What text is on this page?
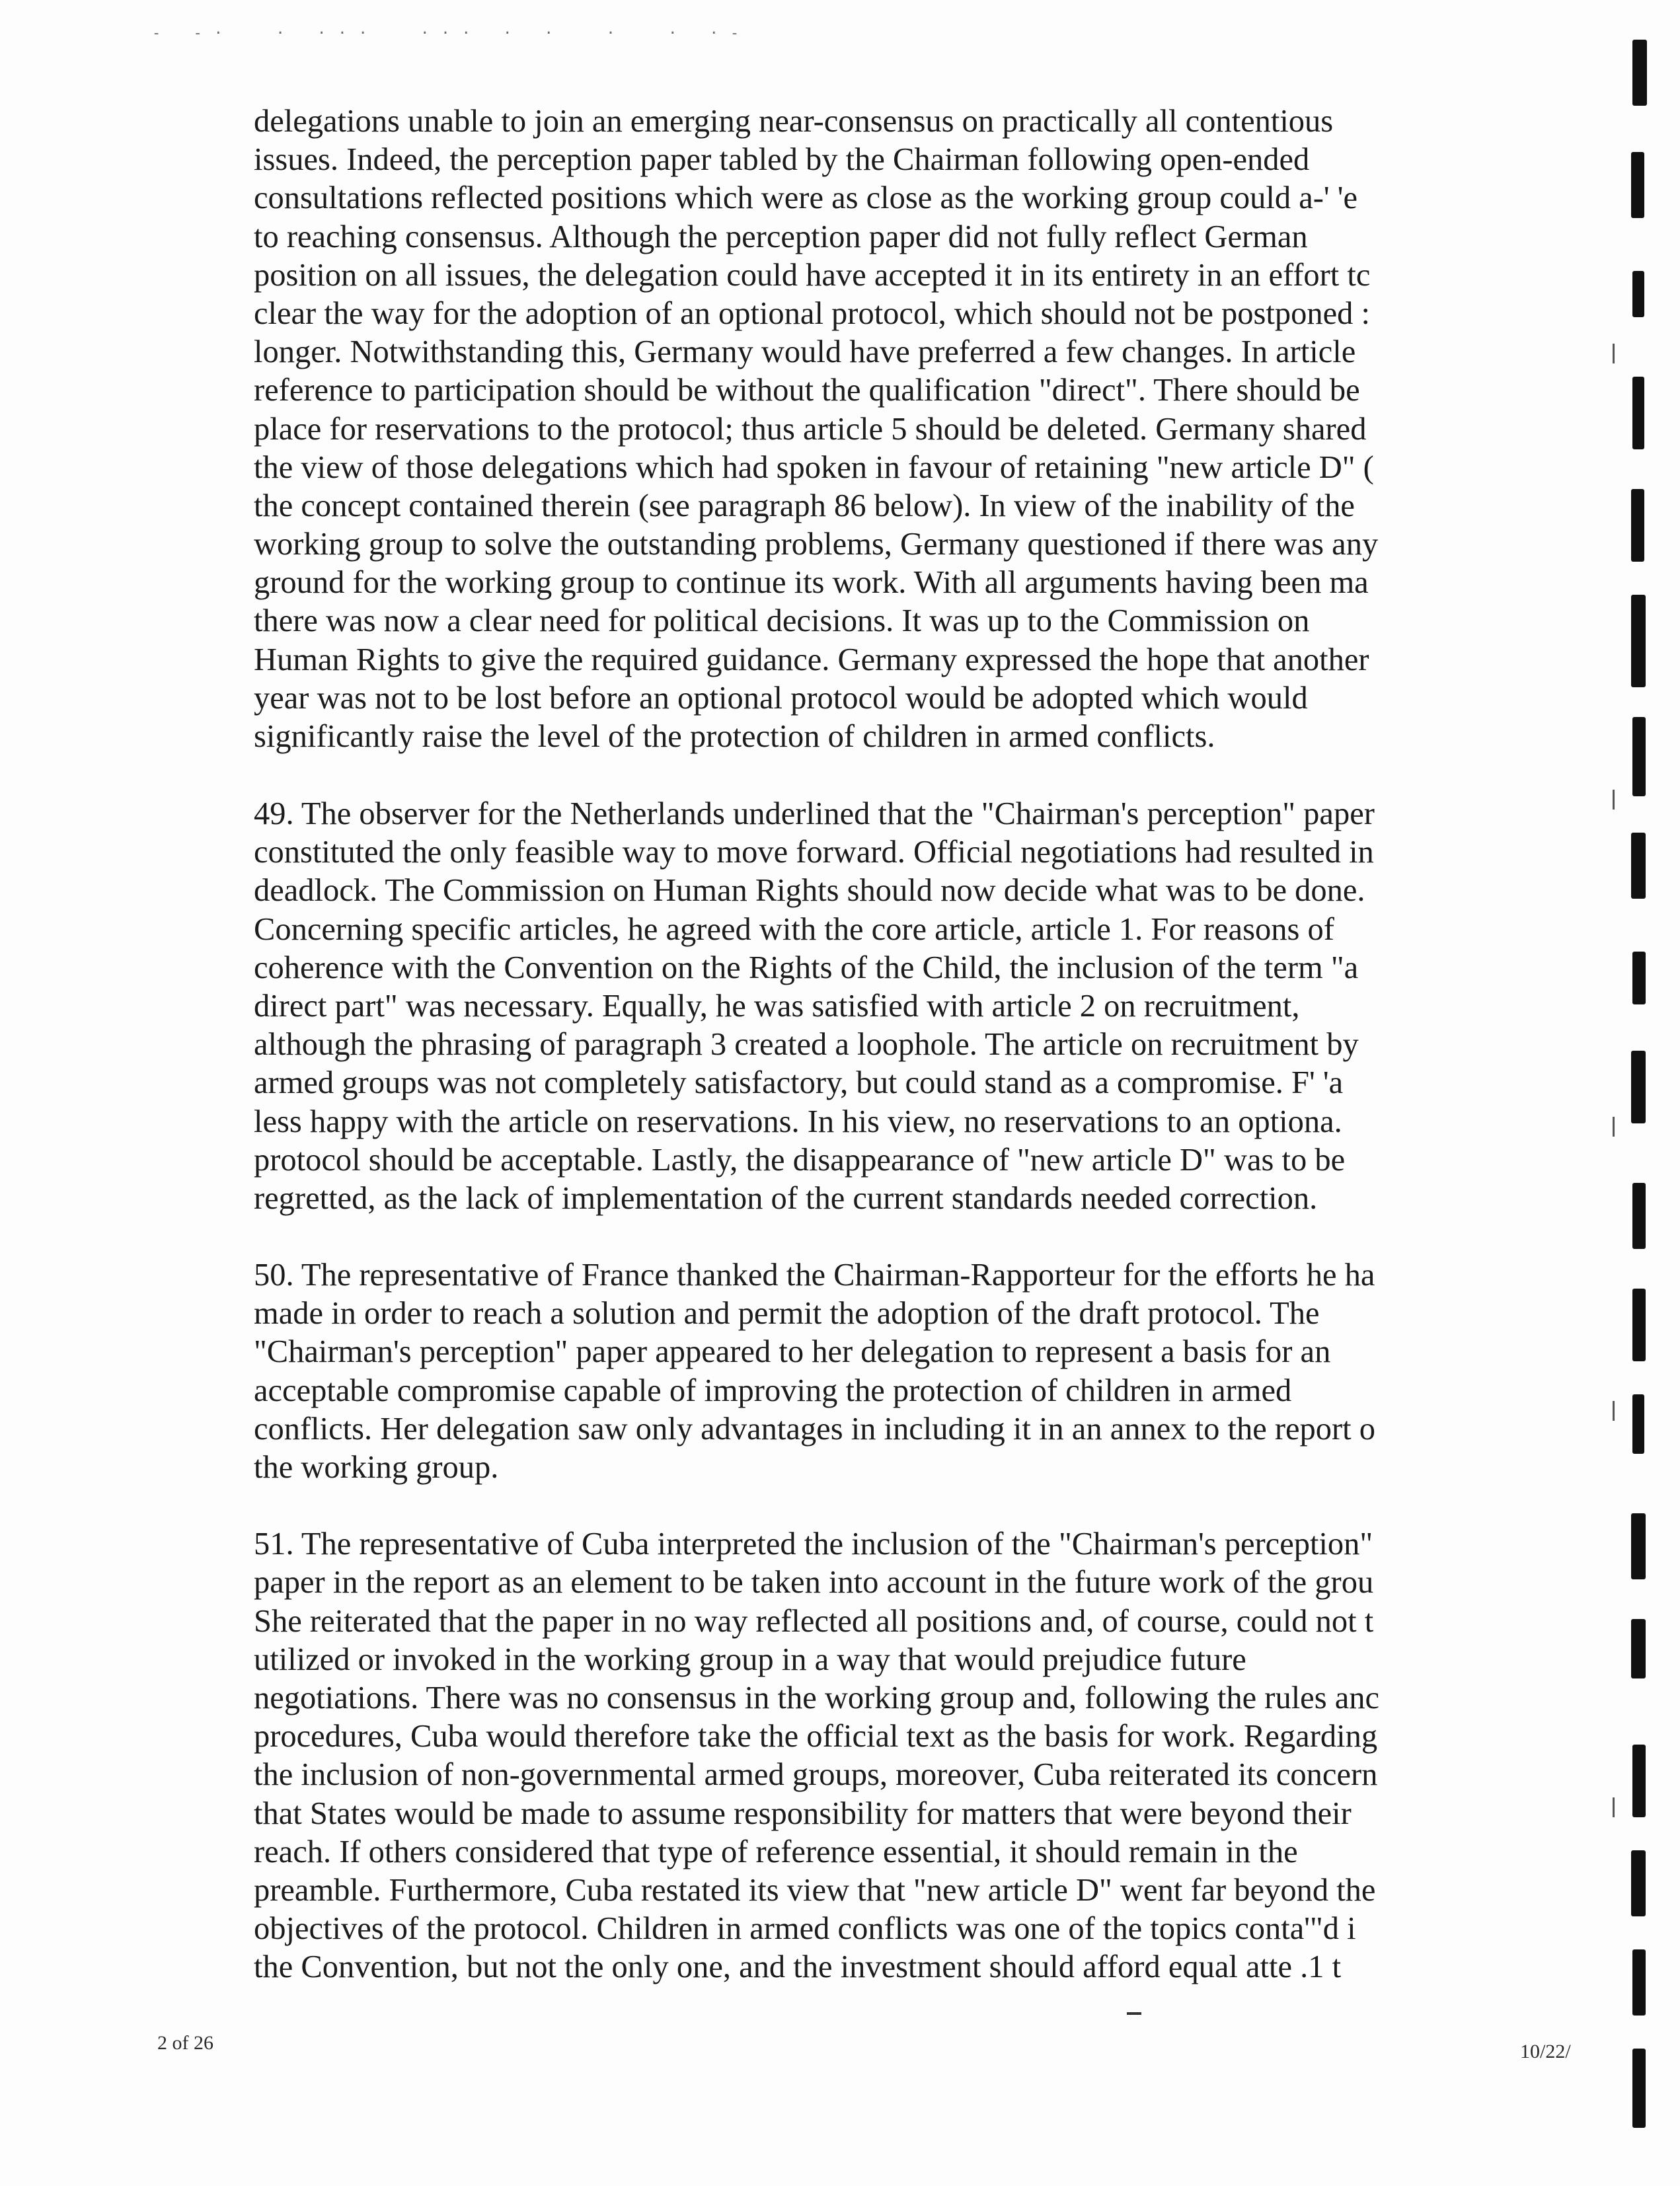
- -·  · ···  ··· · ·  ·  · ·-

delegations unable to join an emerging near-consensus on practically all contentious
issues. Indeed, the perception paper tabled by the Chairman following open-ended
consultations reflected positions which were as close as the working group could a-' 'e
to reaching consensus. Although the perception paper did not fully reflect German
position on all issues, the delegation could have accepted it in its entirety in an effort tc
clear the way for the adoption of an optional protocol, which should not be postponed :
longer. Notwithstanding this, Germany would have preferred a few changes. In article
reference to participation should be without the qualification "direct". There should be
place for reservations to the protocol; thus article 5 should be deleted. Germany shared
the view of those delegations which had spoken in favour of retaining "new article D" (
the concept contained therein (see paragraph 86 below). In view of the inability of the
working group to solve the outstanding problems, Germany questioned if there was any
ground for the working group to continue its work. With all arguments having been ma
there was now a clear need for political decisions. It was up to the Commission on
Human Rights to give the required guidance. Germany expressed the hope that another
year was not to be lost before an optional protocol would be adopted which would
significantly raise the level of the protection of children in armed conflicts.

49. The observer for the Netherlands underlined that the "Chairman's perception" paper
constituted the only feasible way to move forward. Official negotiations had resulted in
deadlock. The Commission on Human Rights should now decide what was to be done.
Concerning specific articles, he agreed with the core article, article 1. For reasons of
coherence with the Convention on the Rights of the Child, the inclusion of the term "a
direct part" was necessary. Equally, he was satisfied with article 2 on recruitment,
although the phrasing of paragraph 3 created a loophole. The article on recruitment by
armed groups was not completely satisfactory, but could stand as a compromise. F' 'a
less happy with the article on reservations. In his view, no reservations to an optiona.
protocol should be acceptable. Lastly, the disappearance of "new article D" was to be
regretted, as the lack of implementation of the current standards needed correction.

50. The representative of France thanked the Chairman-Rapporteur for the efforts he ha
made in order to reach a solution and permit the adoption of the draft protocol. The
"Chairman's perception" paper appeared to her delegation to represent a basis for an
acceptable compromise capable of improving the protection of children in armed
conflicts. Her delegation saw only advantages in including it in an annex to the report o
the working group.

51. The representative of Cuba interpreted the inclusion of the "Chairman's perception"
paper in the report as an element to be taken into account in the future work of the grou
She reiterated that the paper in no way reflected all positions and, of course, could not t
utilized or invoked in the working group in a way that would prejudice future
negotiations. There was no consensus in the working group and, following the rules anc
procedures, Cuba would therefore take the official text as the basis for work. Regarding
the inclusion of non-governmental armed groups, moreover, Cuba reiterated its concern
that States would be made to assume responsibility for matters that were beyond their
reach. If others considered that type of reference essential, it should remain in the
preamble. Furthermore, Cuba restated its view that "new article D" went far beyond the
objectives of the protocol. Children in armed conflicts was one of the topics conta'"d i
the Convention, but not the only one, and the investment should afford equal atte .1 t

2 of 26	10/22/
